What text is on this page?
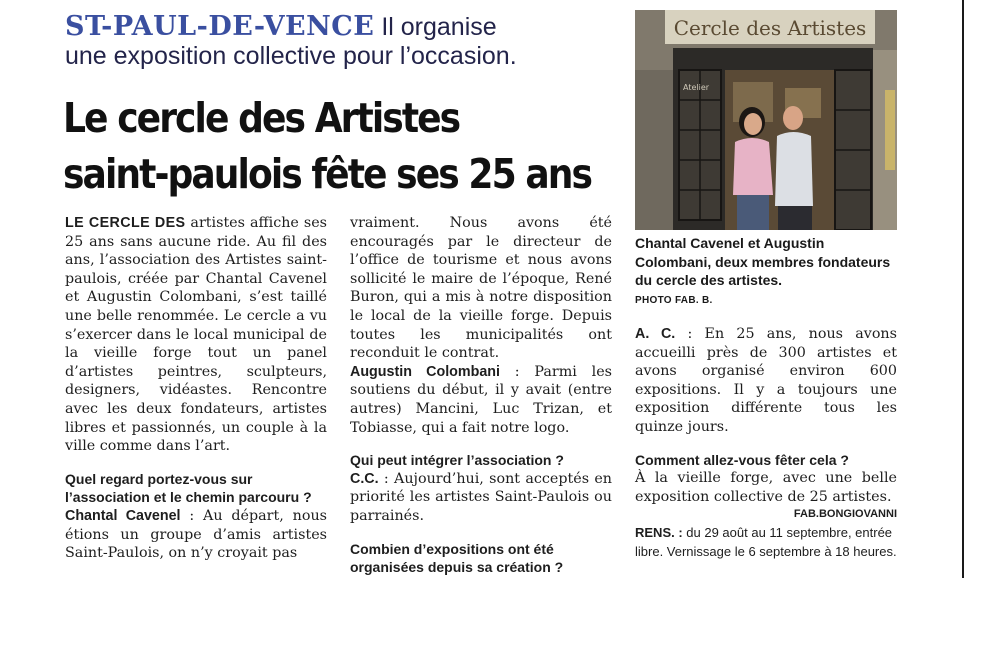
ST-PAUL-DE-VENCE Il organise
une exposition collective pour l’occasion.
Le cercle des Artistes
saint-paulois fête ses 25 ans

LE CERCLE DES artistes affiche ses 25 ans sans aucune ride. Au fil des ans, l’association des Artistes saint-paulois, créée par Chantal Cavenel et Augustin Colombani, s’est taillé une belle renommée. Le cercle a vu s’exercer dans le local municipal de la vieille forge tout un panel d’artistes peintres, sculpteurs, designers, vidéastes. Rencontre avec les deux fondateurs, artistes libres et passionnés, un couple à la ville comme dans l’art.

Quel regard portez-vous sur l’association et le chemin parcouru ?

Chantal Cavenel : Au départ, nous étions un groupe d’amis artistes Saint-Paulois, on n’y croyait pas

Cercle des Artistes
Atelier
Chantal Cavenel et Augustin Colombani, deux membres fondateurs du cercle des artistes.
PHOTO FAB. B.

vraiment. Nous avons été encouragés par le directeur de l’office de tourisme et nous avons sollicité le maire de l’époque, René Buron, qui a mis à notre disposition le local de la vieille forge. Depuis toutes les municipalités ont reconduit le contrat.

Augustin Colombani : Parmi les soutiens du début, il y avait (entre autres) Mancini, Luc Trizan, et Tobiasse, qui a fait notre logo.

Qui peut intégrer l’association ?

C.C. : Aujourd’hui, sont acceptés en priorité les artistes Saint-Paulois ou parrainés.

Combien d’expositions ont été organisées depuis sa création ?

A. C. : En 25 ans, nous avons accueilli près de 300 artistes et avons organisé environ 600 expositions. Il y a toujours une exposition différente tous les quinze jours.

Comment allez-vous fêter cela ?

À la vieille forge, avec une belle exposition collective de 25 artistes.

FAB.BONGIOVANNI

RENS. : du 29 août au 11 septembre, entrée libre. Vernissage le 6 septembre à 18 heures.
